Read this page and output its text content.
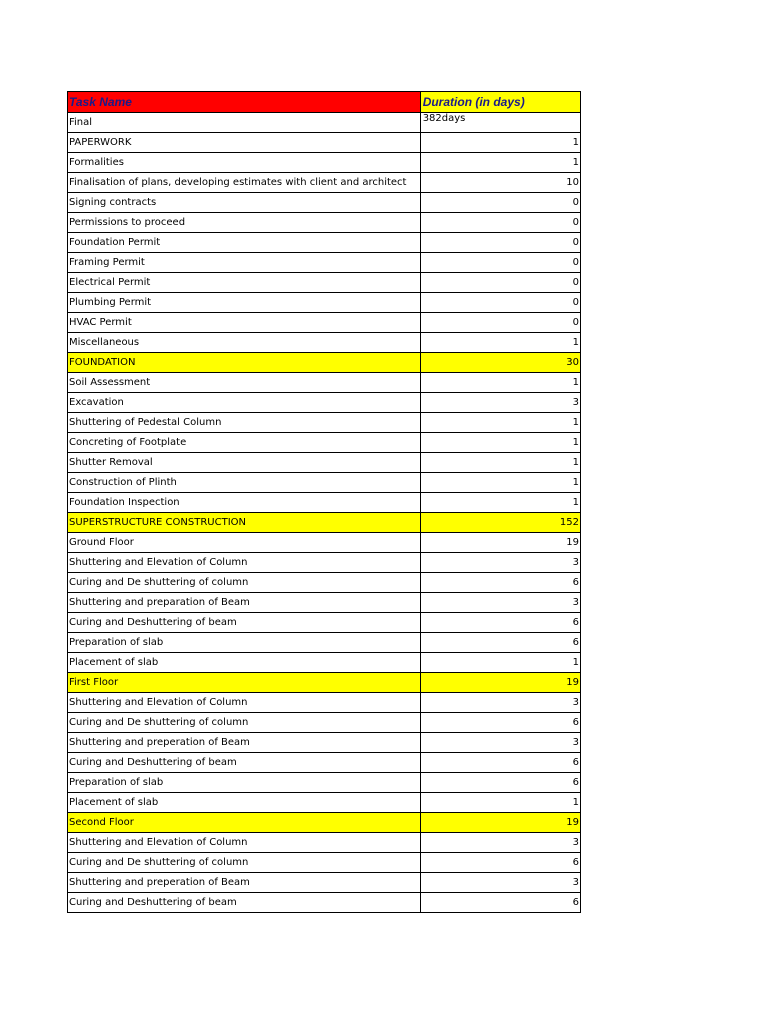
Task Name	Duration (in days)
Final	382days
PAPERWORK	1
Formalities	1
Finalisation of plans, developing estimates with client and architect	10
Signing contracts	0
Permissions to proceed	0
Foundation Permit	0
Framing Permit	0
Electrical Permit	0
Plumbing Permit	0
HVAC Permit	0
Miscellaneous	1
FOUNDATION	30
Soil Assessment	1
Excavation	3
Shuttering of Pedestal Column	1
Concreting of Footplate	1
Shutter Removal	1
Construction of Plinth	1
Foundation Inspection	1
SUPERSTRUCTURE CONSTRUCTION	152
Ground Floor	19
Shuttering and Elevation of Column	3
Curing and De shuttering of column	6
Shuttering and preparation of Beam	3
Curing and Deshuttering of beam	6
Preparation of slab	6
Placement of slab	1
First Floor	19
Shuttering and Elevation of Column	3
Curing and De shuttering of column	6
Shuttering and preperation of Beam	3
Curing and Deshuttering of beam	6
Preparation of slab	6
Placement of slab	1
Second Floor	19
Shuttering and Elevation of Column	3
Curing and De shuttering of column	6
Shuttering and preperation of Beam	3
Curing and Deshuttering of beam	6
